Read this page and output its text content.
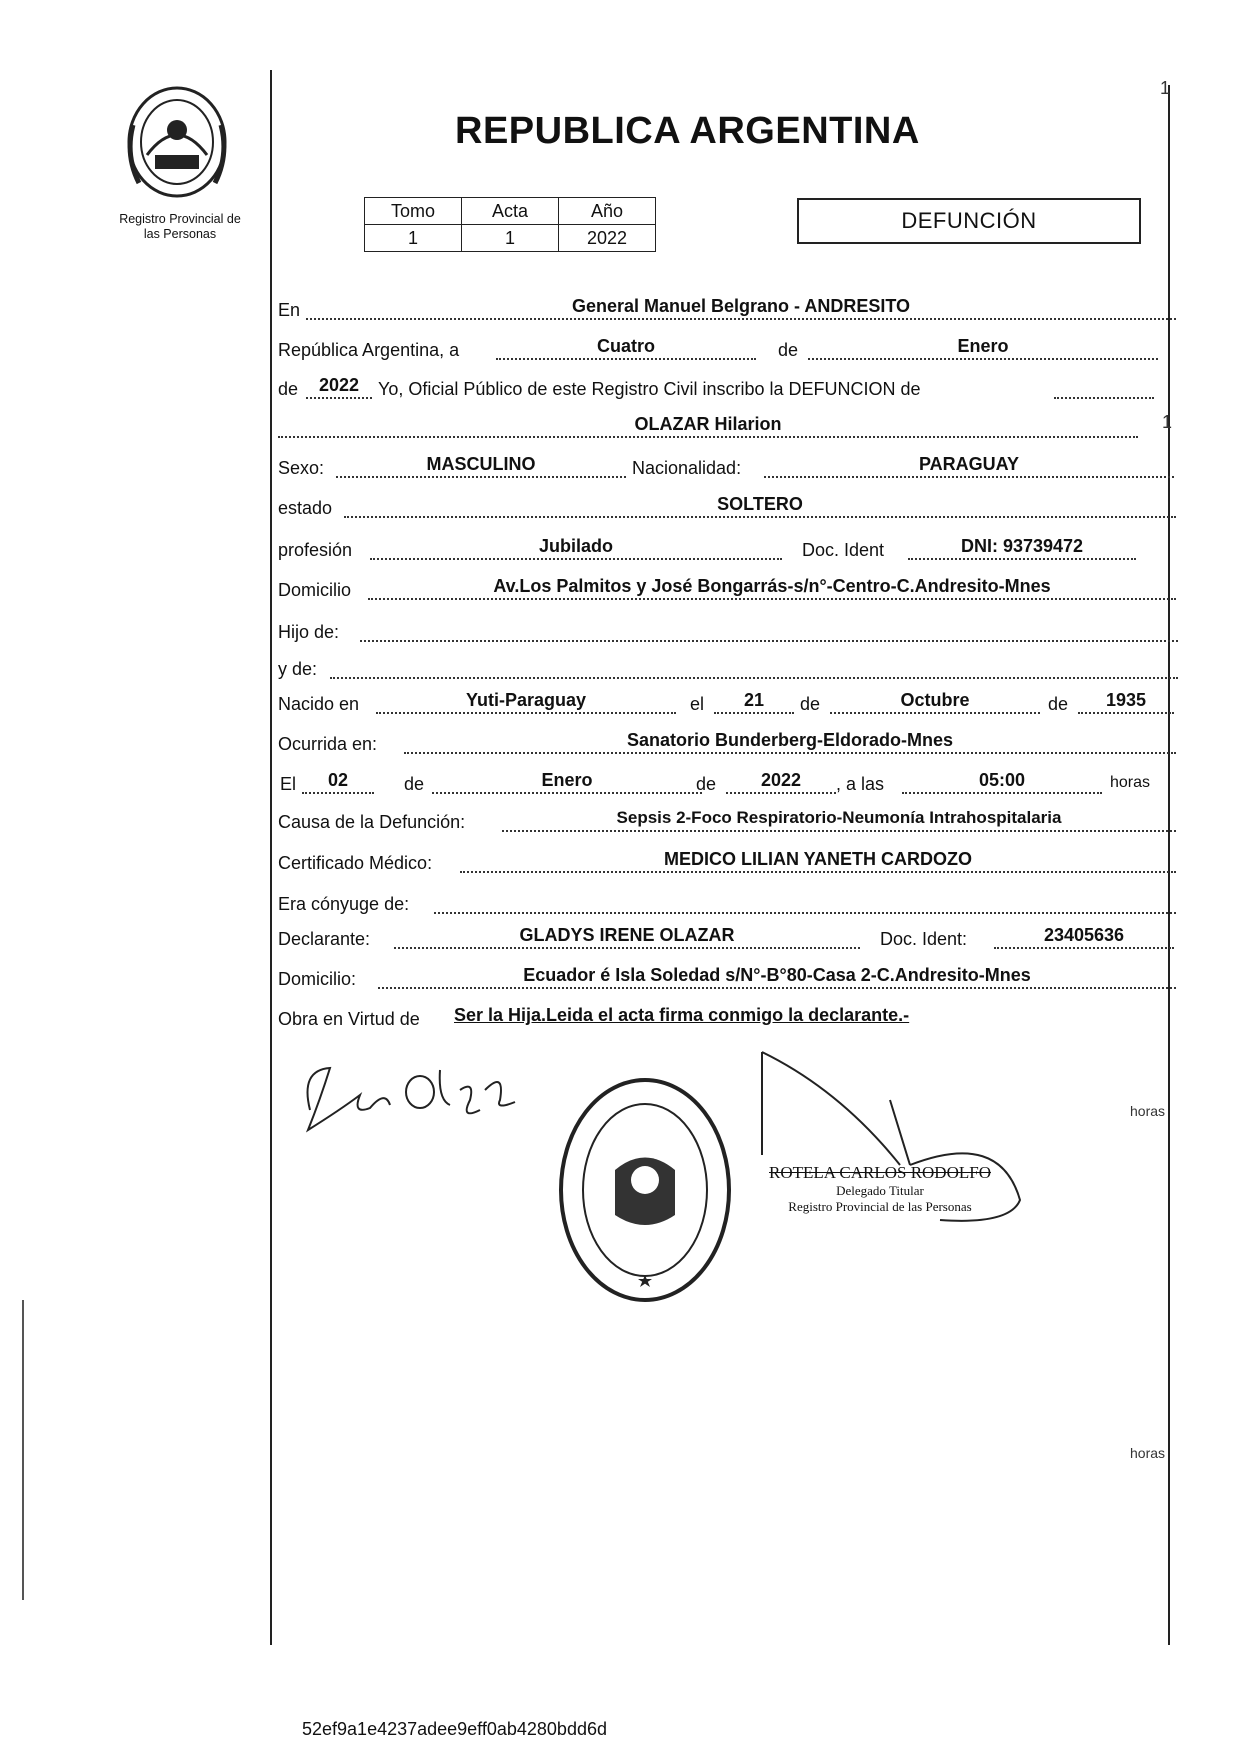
Registro Provincial de
las Personas
REPUBLICA ARGENTINA
Tomo	Acta	Año
1	1	2022
DEFUNCIÓN
En	General Manuel Belgrano - ANDRESITO
República Argentina, a	Cuatro	de	Enero
de	2022	Yo, Oficial Público de este Registro Civil inscribo la DEFUNCION de
OLAZAR Hilarion
Sexo:	MASCULINO	Nacionalidad:	PARAGUAY
estado	SOLTERO
profesión	Jubilado	Doc. Ident	DNI: 93739472
Domicilio	Av.Los Palmitos y José Bongarrás-s/n°-Centro-C.Andresito-Mnes
Hijo de:
y de:
Nacido en	Yuti-Paraguay	el	21	de	Octubre	de	1935
Ocurrida en:	Sanatorio Bunderberg-Eldorado-Mnes
El	02	de	Enero	de	2022	, a las	05:00	horas
Causa de la Defunción:	Sepsis 2-Foco Respiratorio-Neumonía Intrahospitalaria
Certificado Médico:	MEDICO LILIAN YANETH CARDOZO
Era cónyuge de:
Declarante:	GLADYS IRENE OLAZAR	Doc. Ident:	23405636
Domicilio:	Ecuador é Isla Soledad s/N°-B°80-Casa 2-C.Andresito-Mnes
Obra en Virtud de Ser la Hija.Leida el acta firma conmigo la declarante.-
ROTELA CARLOS RODOLFO
Delegado Titular
Registro Provincial de las Personas
1
1
horas
horas
52ef9a1e4237adee9eff0ab4280bdd6d
